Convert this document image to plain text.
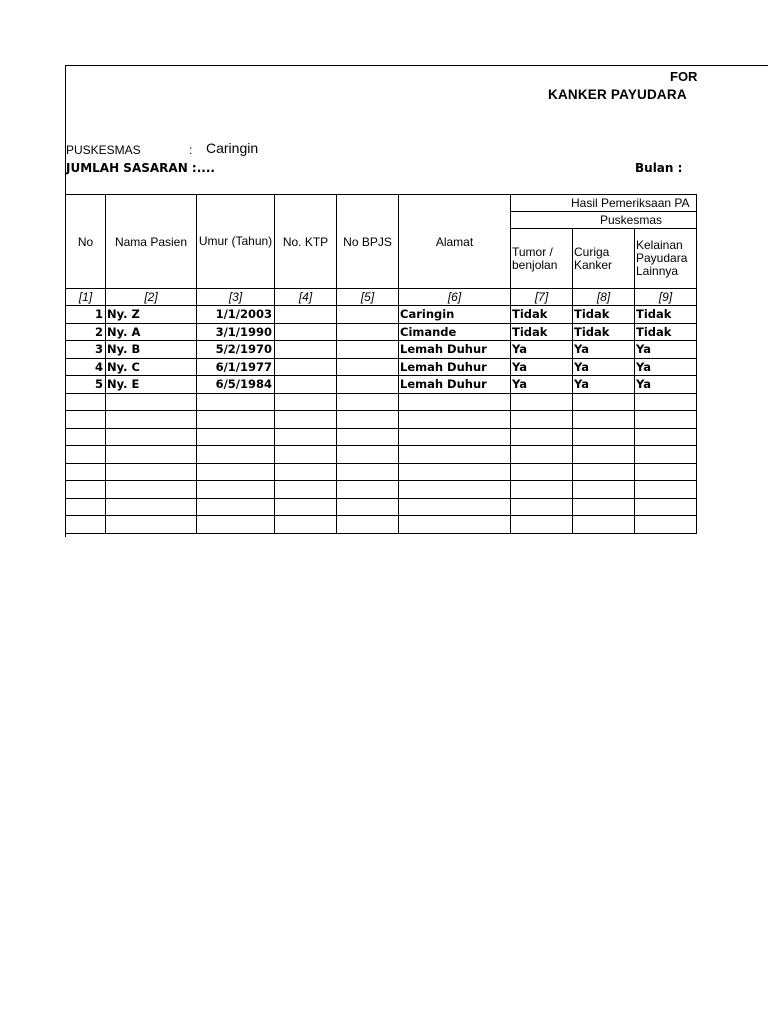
FOR
KANKER PAYUDARA
PUSKESMAS	: Caringin
JUMLAH SASARAN :....	Bulan :
No	Nama Pasien	Umur (Tahun)	No. KTP	No BPJS	Alamat	Hasil Pemeriksaan PA		
						Puskesmas		
						Tumor / benjolan	Curiga Kanker	Kelainan Payudara Lainnya
[1]	[2]	[3]	[4]	[5]	[6]	[7]	[8]	[9]
1	Ny. Z	1/1/2003			Caringin	Tidak	Tidak	Tidak
2	Ny. A	3/1/1990			Cimande	Tidak	Tidak	Tidak
3	Ny. B	5/2/1970			Lemah Duhur	Ya	Ya	Ya
4	Ny. C	6/1/1977			Lemah Duhur	Ya	Ya	Ya
5	Ny. E	6/5/1984			Lemah Duhur	Ya	Ya	Ya
